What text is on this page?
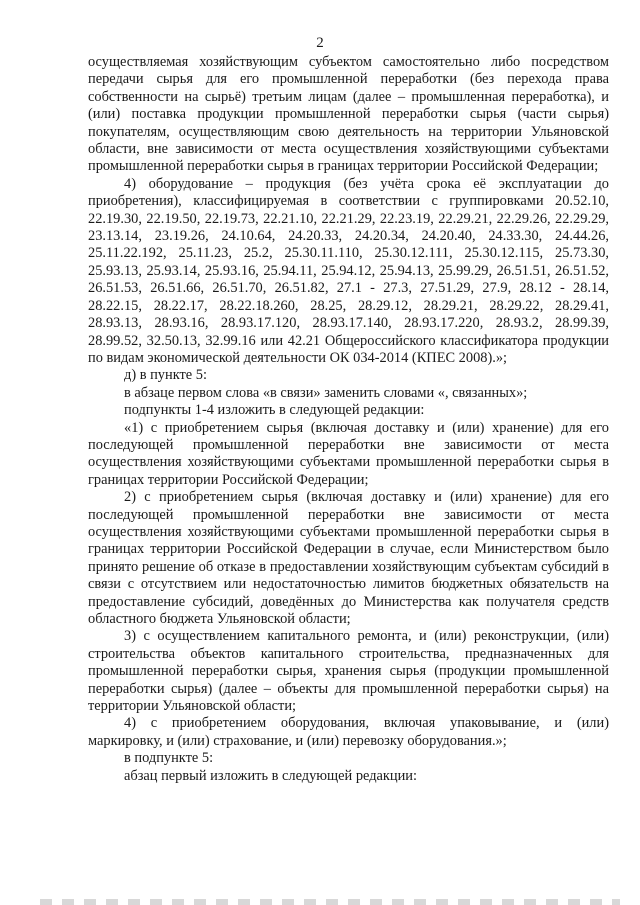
2

осуществляемая хозяйствующим субъектом самостоятельно либо посредством передачи сырья для его промышленной переработки (без перехода права собственности на сырьё) третьим лицам (далее – промышленная переработка), и (или) поставка продукции промышленной переработки сырья (части сырья) покупателям, осуществляющим свою деятельность на территории Ульяновской области, вне зависимости от места осуществления хозяйствующими субъектами промышленной переработки сырья в границах территории Российской Федерации;

4) оборудование – продукция (без учёта срока её эксплуатации до приобретения), классифицируемая в соответствии с группировками 20.52.10, 22.19.30, 22.19.50, 22.19.73, 22.21.10, 22.21.29, 22.23.19, 22.29.21, 22.29.26, 22.29.29, 23.13.14, 23.19.26, 24.10.64, 24.20.33, 24.20.34, 24.20.40, 24.33.30, 24.44.26, 25.11.22.192, 25.11.23, 25.2, 25.30.11.110, 25.30.12.111, 25.30.12.115, 25.73.30, 25.93.13, 25.93.14, 25.93.16, 25.94.11, 25.94.12, 25.94.13, 25.99.29, 26.51.51, 26.51.52, 26.51.53, 26.51.66, 26.51.70, 26.51.82, 27.1 - 27.3, 27.51.29, 27.9, 28.12 - 28.14, 28.22.15, 28.22.17, 28.22.18.260, 28.25, 28.29.12, 28.29.21, 28.29.22, 28.29.41, 28.93.13, 28.93.16, 28.93.17.120, 28.93.17.140, 28.93.17.220, 28.93.2, 28.99.39, 28.99.52, 32.50.13, 32.99.16 или 42.21 Общероссийского классификатора продукции по видам экономической деятельности ОК 034-2014 (КПЕС 2008).»;

д) в пункте 5:

в абзаце первом слова «в связи» заменить словами «, связанных»;

подпункты 1-4 изложить в следующей редакции:

«1) с приобретением сырья (включая доставку и (или) хранение) для его последующей промышленной переработки вне зависимости от места осуществления хозяйствующими субъектами промышленной переработки сырья в границах территории Российской Федерации;

2) с приобретением сырья (включая доставку и (или) хранение) для его последующей промышленной переработки вне зависимости от места осуществления хозяйствующими субъектами промышленной переработки сырья в границах территории Российской Федерации в случае, если Министерством было принято решение об отказе в предоставлении хозяйствующим субъектам субсидий в связи с отсутствием или недостаточностью лимитов бюджетных обязательств на предоставление субсидий, доведённых до Министерства как получателя средств областного бюджета Ульяновской области;

3) с осуществлением капитального ремонта, и (или) реконструкции, (или) строительства объектов капитального строительства, предназначенных для промышленной переработки сырья, хранения сырья (продукции промышленной переработки сырья) (далее – объекты для промышленной переработки сырья) на территории Ульяновской области;

4) с приобретением оборудования, включая упаковывание, и (или) маркировку, и (или) страхование, и (или) перевозку оборудования.»;

в подпункте 5:

абзац первый изложить в следующей редакции:
